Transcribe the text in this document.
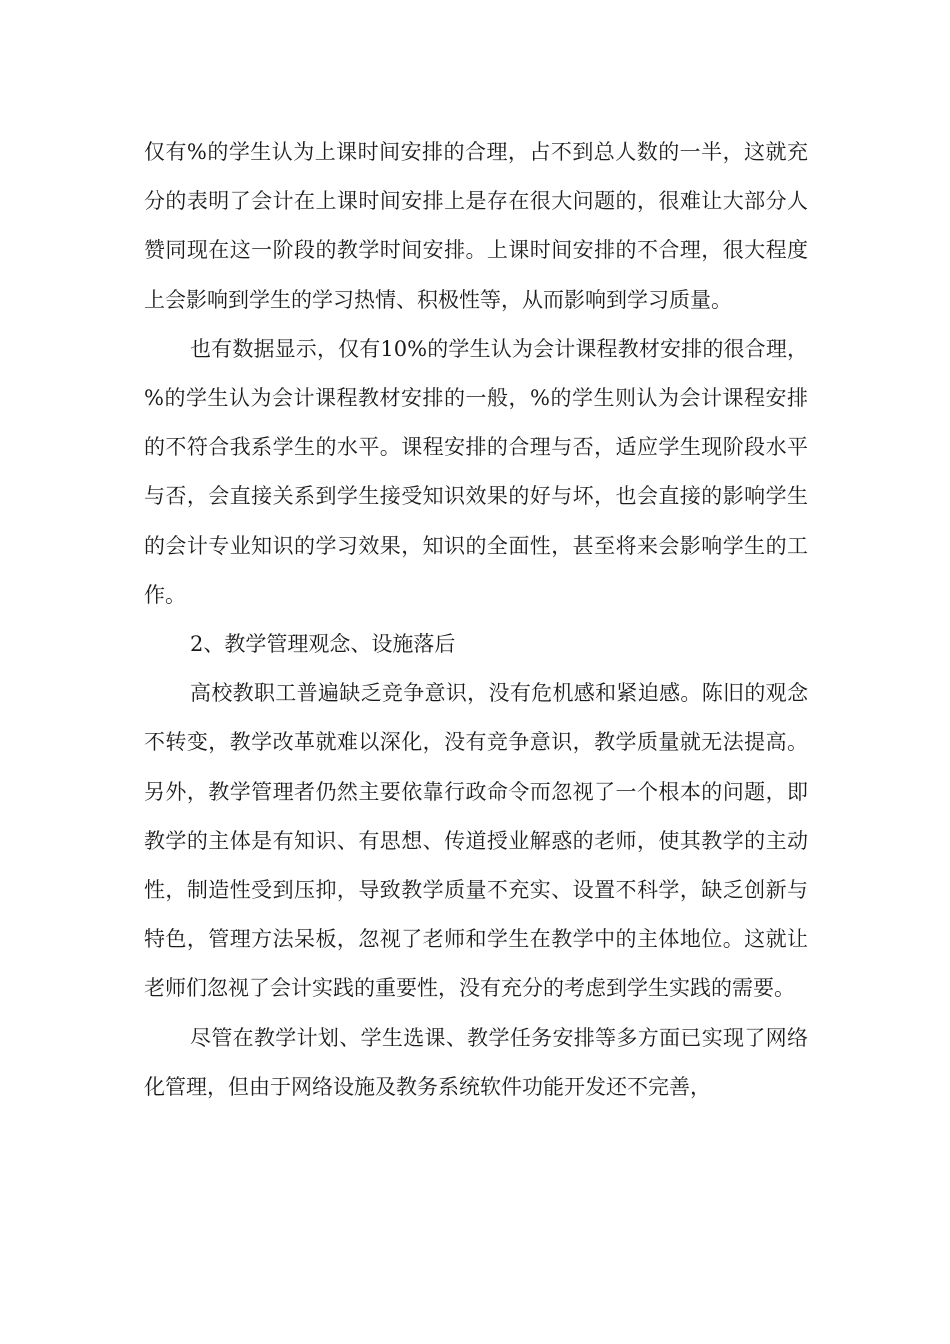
仅有%的学生认为上课时间安排的合理，占不到总人数的一半，这就充分的表明了会计在上课时间安排上是存在很大问题的，很难让大部分人赞同现在这一阶段的教学时间安排。上课时间安排的不合理，很大程度上会影响到学生的学习热情、积极性等，从而影响到学习质量。

也有数据显示，仅有10%的学生认为会计课程教材安排的很合理，%的学生认为会计课程教材安排的一般，%的学生则认为会计课程安排的不符合我系学生的水平。课程安排的合理与否，适应学生现阶段水平与否，会直接关系到学生接受知识效果的好与坏，也会直接的影响学生的会计专业知识的学习效果，知识的全面性，甚至将来会影响学生的工作。

2、教学管理观念、设施落后

高校教职工普遍缺乏竞争意识，没有危机感和紧迫感。陈旧的观念不转变，教学改革就难以深化，没有竞争意识，教学质量就无法提高。另外，教学管理者仍然主要依靠行政命令而忽视了一个根本的问题，即教学的主体是有知识、有思想、传道授业解惑的老师，使其教学的主动性，制造性受到压抑，导致教学质量不充实、设置不科学，缺乏创新与特色，管理方法呆板，忽视了老师和学生在教学中的主体地位。这就让老师们忽视了会计实践的重要性，没有充分的考虑到学生实践的需要。

尽管在教学计划、学生选课、教学任务安排等多方面已实现了网络化管理，但由于网络设施及教务系统软件功能开发还不完善，
